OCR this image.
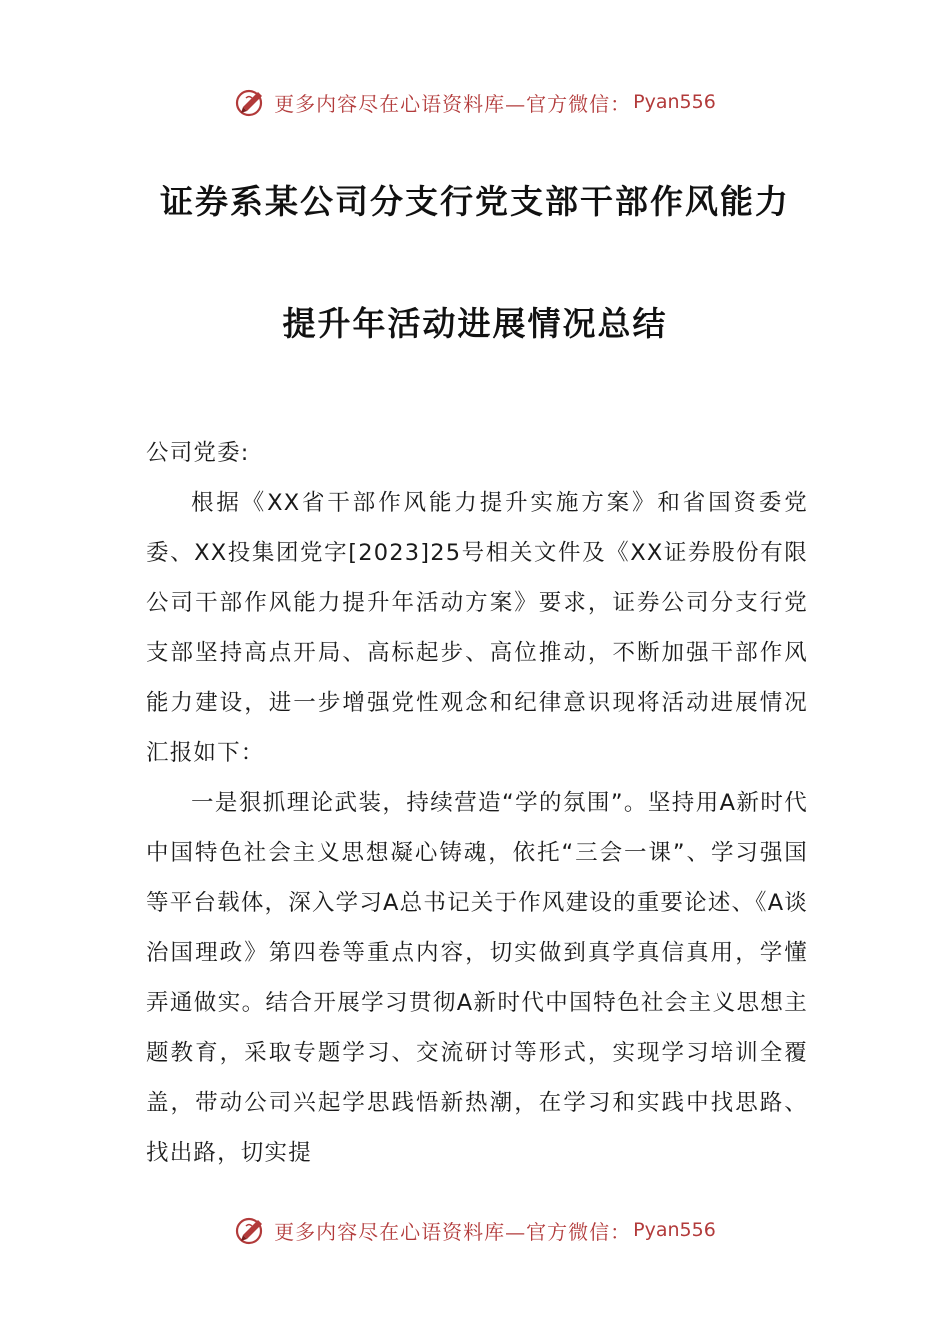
更多内容尽在心语资料库—官方微信： Pyan556
证券系某公司分支行党支部干部作风能力
提升年活动进展情况总结

公司党委:

根据《XX省干部作风能力提升实施方案》和省国资委党委、XX投集团党字[2023]25号相关文件及《XX证券股份有限公司干部作风能力提升年活动方案》要求，证券公司分支行党支部坚持高点开局、高标起步、高位推动，不断加强干部作风能力建设，进一步增强党性观念和纪律意识现将活动进展情况汇报如下：

一是狠抓理论武装，持续营造“学的氛围”。坚持用A新时代中国特色社会主义思想凝心铸魂，依托“三会一课”、学习强国等平台载体，深入学习A总书记关于作风建设的重要论述、《A谈治国理政》第四卷等重点内容，切实做到真学真信真用，学懂弄通做实。结合开展学习贯彻A新时代中国特色社会主义思想主题教育，采取专题学习、交流研讨等形式，实现学习培训全覆盖，带动公司兴起学思践悟新热潮，在学习和实践中找思路、找出路，切实提

更多内容尽在心语资料库—官方微信： Pyan556
